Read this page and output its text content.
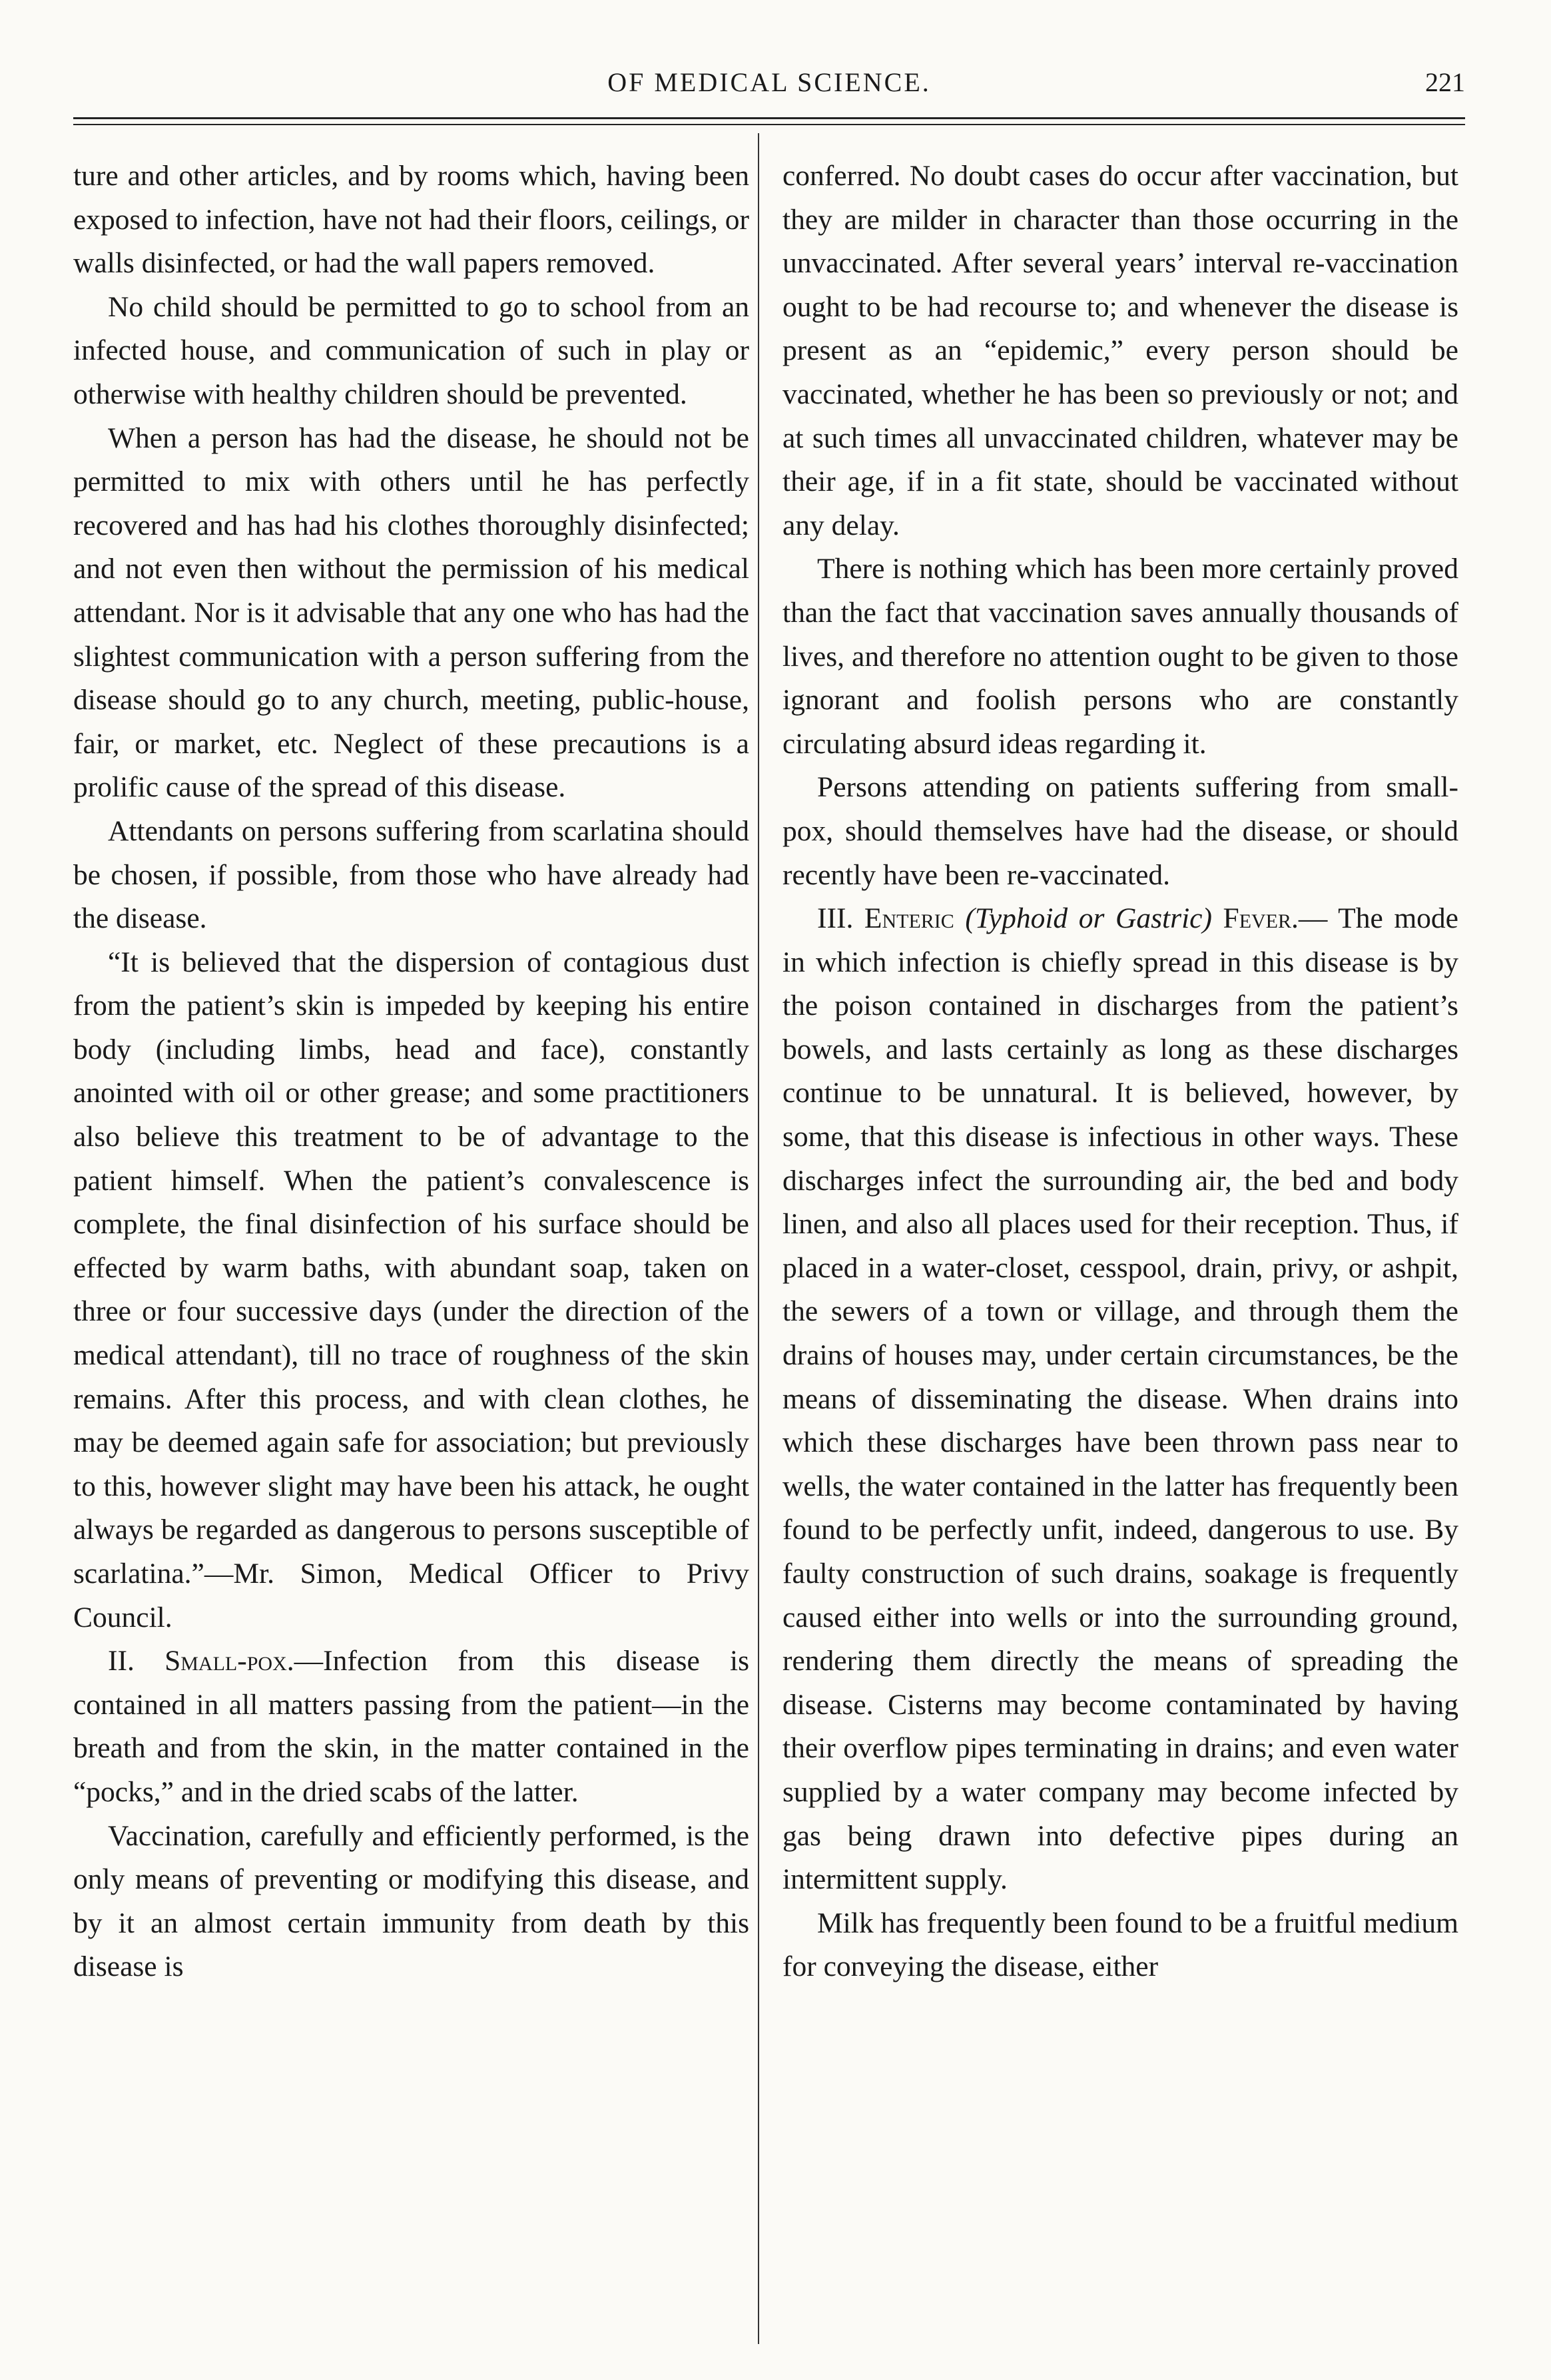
OF MEDICAL SCIENCE.	221

ture and other articles, and by rooms which, having been exposed to infection, have not had their floors, ceilings, or walls disinfected, or had the wall papers removed.

No child should be permitted to go to school from an infected house, and communication of such in play or otherwise with healthy children should be prevented.

When a person has had the disease, he should not be permitted to mix with others until he has perfectly recovered and has had his clothes thoroughly disinfected; and not even then without the permission of his medical attendant. Nor is it advisable that any one who has had the slightest communication with a person suffering from the disease should go to any church, meeting, public-house, fair, or market, etc. Neglect of these precautions is a prolific cause of the spread of this disease.

Attendants on persons suffering from scarlatina should be chosen, if possible, from those who have already had the disease.

“It is believed that the dispersion of contagious dust from the patient’s skin is impeded by keeping his entire body (including limbs, head and face), constantly anointed with oil or other grease; and some practitioners also believe this treatment to be of advantage to the patient himself. When the patient’s convalescence is complete, the final disinfection of his surface should be effected by warm baths, with abundant soap, taken on three or four successive days (under the direction of the medical attendant), till no trace of roughness of the skin remains. After this process, and with clean clothes, he may be deemed again safe for association; but previously to this, however slight may have been his attack, he ought always be regarded as dangerous to persons susceptible of scarlatina.”—Mr. Simon, Medical Officer to Privy Council.

II. Small-pox.—Infection from this disease is contained in all matters passing from the patient—in the breath and from the skin, in the matter contained in the “pocks,” and in the dried scabs of the latter.

Vaccination, carefully and efficiently performed, is the only means of preventing or modifying this disease, and by it an almost certain immunity from death by this disease is

conferred. No doubt cases do occur after vaccination, but they are milder in character than those occurring in the unvaccinated. After several years’ interval re-vaccination ought to be had recourse to; and whenever the disease is present as an “epidemic,” every person should be vaccinated, whether he has been so previously or not; and at such times all unvaccinated children, whatever may be their age, if in a fit state, should be vaccinated without any delay.

There is nothing which has been more certainly proved than the fact that vaccination saves annually thousands of lives, and therefore no attention ought to be given to those ignorant and foolish persons who are constantly circulating absurd ideas regarding it.

Persons attending on patients suffering from small-pox, should themselves have had the disease, or should recently have been re-vaccinated.

III. Enteric (Typhoid or Gastric) Fever.— The mode in which infection is chiefly spread in this disease is by the poison contained in discharges from the patient’s bowels, and lasts certainly as long as these discharges continue to be unnatural. It is believed, however, by some, that this disease is infectious in other ways. These discharges infect the surrounding air, the bed and body linen, and also all places used for their reception. Thus, if placed in a water-closet, cesspool, drain, privy, or ashpit, the sewers of a town or village, and through them the drains of houses may, under certain circumstances, be the means of disseminating the disease. When drains into which these discharges have been thrown pass near to wells, the water contained in the latter has frequently been found to be perfectly unfit, indeed, dangerous to use. By faulty construction of such drains, soakage is frequently caused either into wells or into the surrounding ground, rendering them directly the means of spreading the disease. Cisterns may become contaminated by having their overflow pipes terminating in drains; and even water supplied by a water company may become infected by gas being drawn into defective pipes during an intermittent supply.

Milk has frequently been found to be a fruitful medium for conveying the disease, either
